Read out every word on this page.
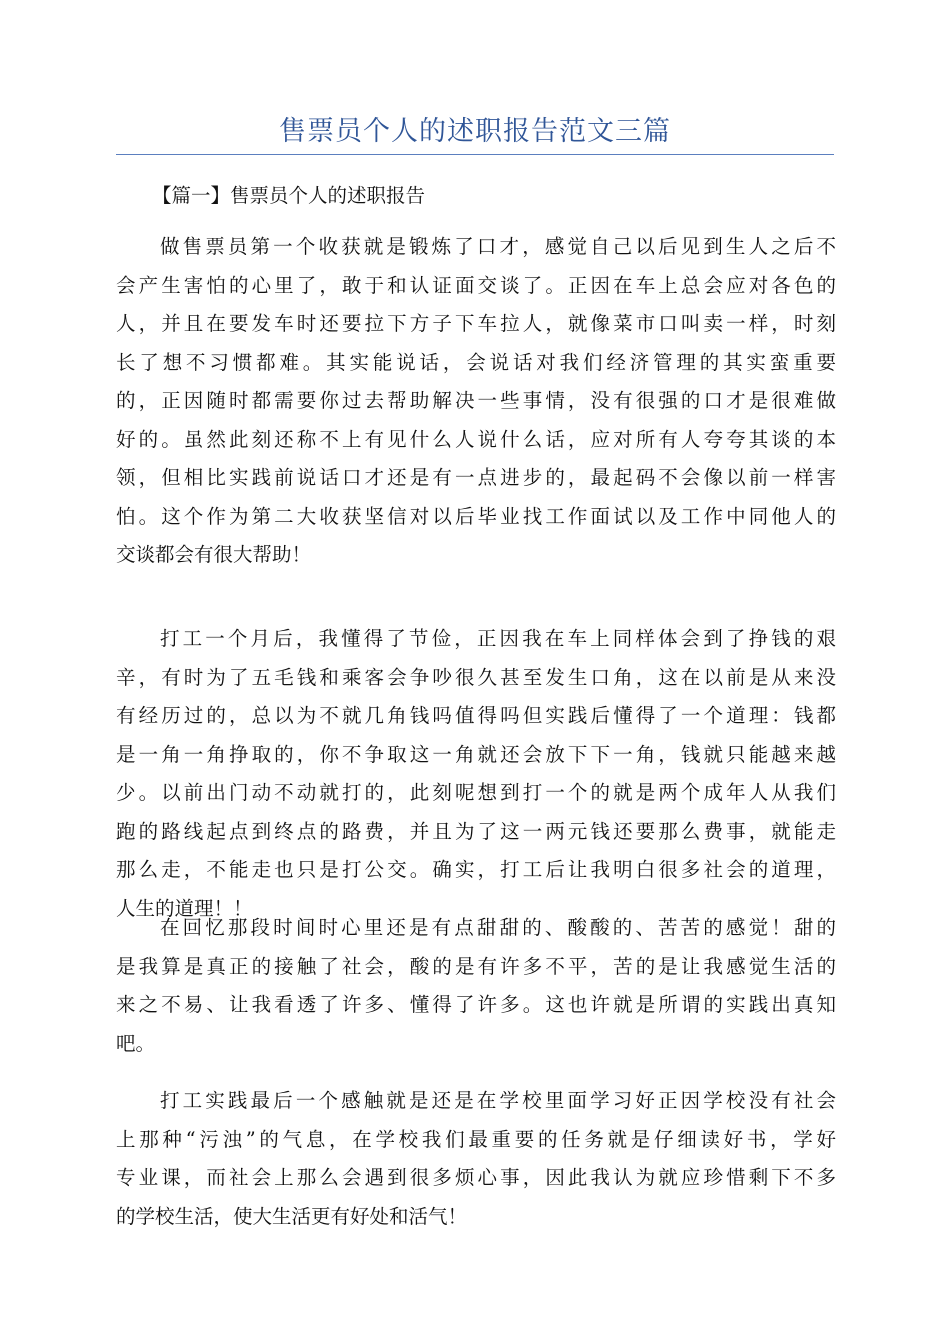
售票员个人的述职报告范文三篇
【篇一】售票员个人的述职报告
做售票员第一个收获就是锻炼了口才，感觉自己以后见到生人之后不
会产生害怕的心里了，敢于和认证面交谈了。正因在车上总会应对各色的
人，并且在要发车时还要拉下方子下车拉人，就像菜市口叫卖一样，时刻
长了想不习惯都难。其实能说话，会说话对我们经济管理的其实蛮重要
的，正因随时都需要你过去帮助解决一些事情，没有很强的口才是很难做
好的。虽然此刻还称不上有见什么人说什么话，应对所有人夸夸其谈的本
领，但相比实践前说话口才还是有一点进步的，最起码不会像以前一样害
怕。这个作为第二大收获坚信对以后毕业找工作面试以及工作中同他人的
交谈都会有很大帮助！
打工一个月后，我懂得了节俭，正因我在车上同样体会到了挣钱的艰
辛，有时为了五毛钱和乘客会争吵很久甚至发生口角，这在以前是从来没
有经历过的，总以为不就几角钱吗值得吗但实践后懂得了一个道理：钱都
是一角一角挣取的，你不争取这一角就还会放下下一角，钱就只能越来越
少。以前出门动不动就打的，此刻呢想到打一个的就是两个成年人从我们
跑的路线起点到终点的路费，并且为了这一两元钱还要那么费事，就能走
那么走，不能走也只是打公交。确实，打工后让我明白很多社会的道理，
人生的道理！！
在回忆那段时间时心里还是有点甜甜的、酸酸的、苦苦的感觉！甜的
是我算是真正的接触了社会，酸的是有许多不平，苦的是让我感觉生活的
来之不易、让我看透了许多、懂得了许多。这也许就是所谓的实践出真知
吧。
打工实践最后一个感触就是还是在学校里面学习好正因学校没有社会
上那种“污浊”的气息，在学校我们最重要的任务就是仔细读好书，学好
专业课，而社会上那么会遇到很多烦心事，因此我认为就应珍惜剩下不多
的学校生活，使大生活更有好处和活气！
